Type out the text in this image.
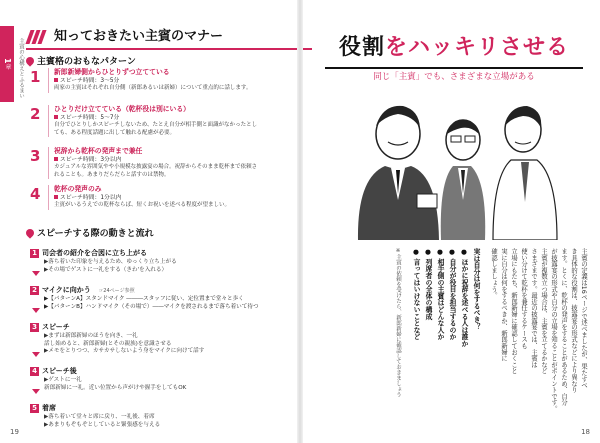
1章	主賓の心構えとふるまい
知っておきたい主賓のマナー
主賓格のおもなパターン
1 新郎新婦側からひとりずつ立てている
スピーチ時間：3～5分
両家の主賓はそれぞれ自分側（新郎あるいは新婦）について重点的に話します。
2 ひとりだけ立てている（乾杯役は別にいる）
スピーチ時間：5～7分
自分でひとりしかスピーチしないため、たとえ自分が相手側と面識がなかったとし
ても、ある程度話題に出して触れる配慮が必要。
3 祝辞から乾杯の発声まで兼任
スピーチ時間：3分以内
カジュアルな雰囲気やや小規模な披露宴の場合。祝辞からそのまま乾杯まで依頼さ
れることも。あまりだらだらと話すのは禁物。
4 乾杯の発声のみ
スピーチ時間：1分以内
主賓がいるうえでの乾杯ならば、短くお祝いを述べる程度が望ましい。
スピーチする際の動きと流れ
1 司会者の紹介を合図に立ち上がる
▶落ち着いた印象を与えるため、ゆっくり立ち上がる
▶その場でゲストに一礼をする（きわ'を入れる）
2 マイクに向かう ☞24ページ参照
▶【パターンA】スタンドマイク ―――スタッフに従い、定位置まで堂々と歩く
▶【パターンB】ハンドマイク（その場で）――マイクを渡されるまで落ち着いて待つ
3 スピーチ
▶まずは新郎新婦のほうを向き、一礼
話し始めると、新郎新婦(とその親族)を意識させる
▶メモをとりつつ、カサカサしないよう身をマイクに向けて話す
4 スピーチ後
▶ゲストに一礼
新郎新婦に一礼。近い位置から声がけや握手をしてもOK
5 着席
▶落ち着いて堂々と席に戻り、一礼後、着席
▶あまりもぞもぞとしていると緊張感を与える
19
役割をハッキリさせる
同じ「主賓」でも、さまざまな立場がある
主賓の定義は16ページで述べましたが、果たすべ
き具体的な役割は、披露宴の形式などにより異なり
ます。とくに、乾杯の発声をすることがあるため、自分
が披露宴の形式や自分の立場を知ることがポイントです。
主賓が複数立つ場合は、主賓を立てるかなど
さまざまです。最近の披露宴では、主賓は
使い分けて乾杯を兼任するケースも
立場にもたち、新郎新婦に確認しておくこと
実に自分は何をするべきか、新郎新婦に
確認しましょう。
実は自分は何をするべき？
● ほかに祝辞を述べる人は誰か
● 自分が役目を担当するのか
● 相手側の主賓はどんな人か
● 列席者の全体の構成
● 言ってはいけないことなど
※主賓の依頼を受けたら、新郎新婦に確認しておきましょう
18
